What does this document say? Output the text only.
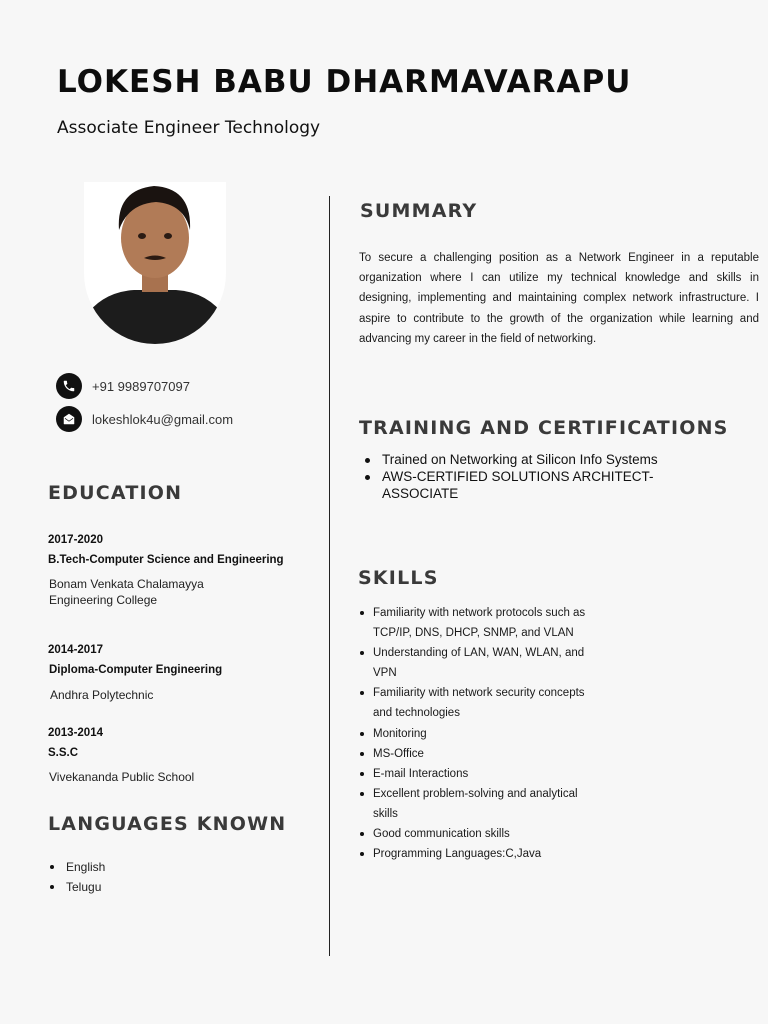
LOKESH BABU DHARMAVARAPU

Associate Engineer Technology

+91 9989707097
lokeshlok4u@gmail.com
EDUCATION
2017-2020
B.Tech-Computer Science and Engineering
Bonam Venkata Chalamayya Engineering College
2014-2017
Diploma-Computer Engineering
Andhra Polytechnic
2013-2014
S.S.C
Vivekananda Public School
LANGUAGES KNOWN
English
Telugu
SUMMARY

To secure a challenging position as a Network Engineer in a reputable organization where I can utilize my technical knowledge and skills in designing, implementing and maintaining complex network infrastructure. I aspire to contribute to the growth of the organization while learning and advancing my career in the field of networking.

TRAINING AND CERTIFICATIONS
Trained on Networking at Silicon Info Systems
AWS-CERTIFIED SOLUTIONS ARCHITECT-ASSOCIATE
SKILLS
Familiarity with network protocols such as TCP/IP, DNS, DHCP, SNMP, and VLAN
Understanding of LAN, WAN, WLAN, and VPN
Familiarity with network security concepts and technologies
Monitoring
MS-Office
E-mail Interactions
Excellent problem-solving and analytical skills
Good communication skills
Programming Languages:C,Java
